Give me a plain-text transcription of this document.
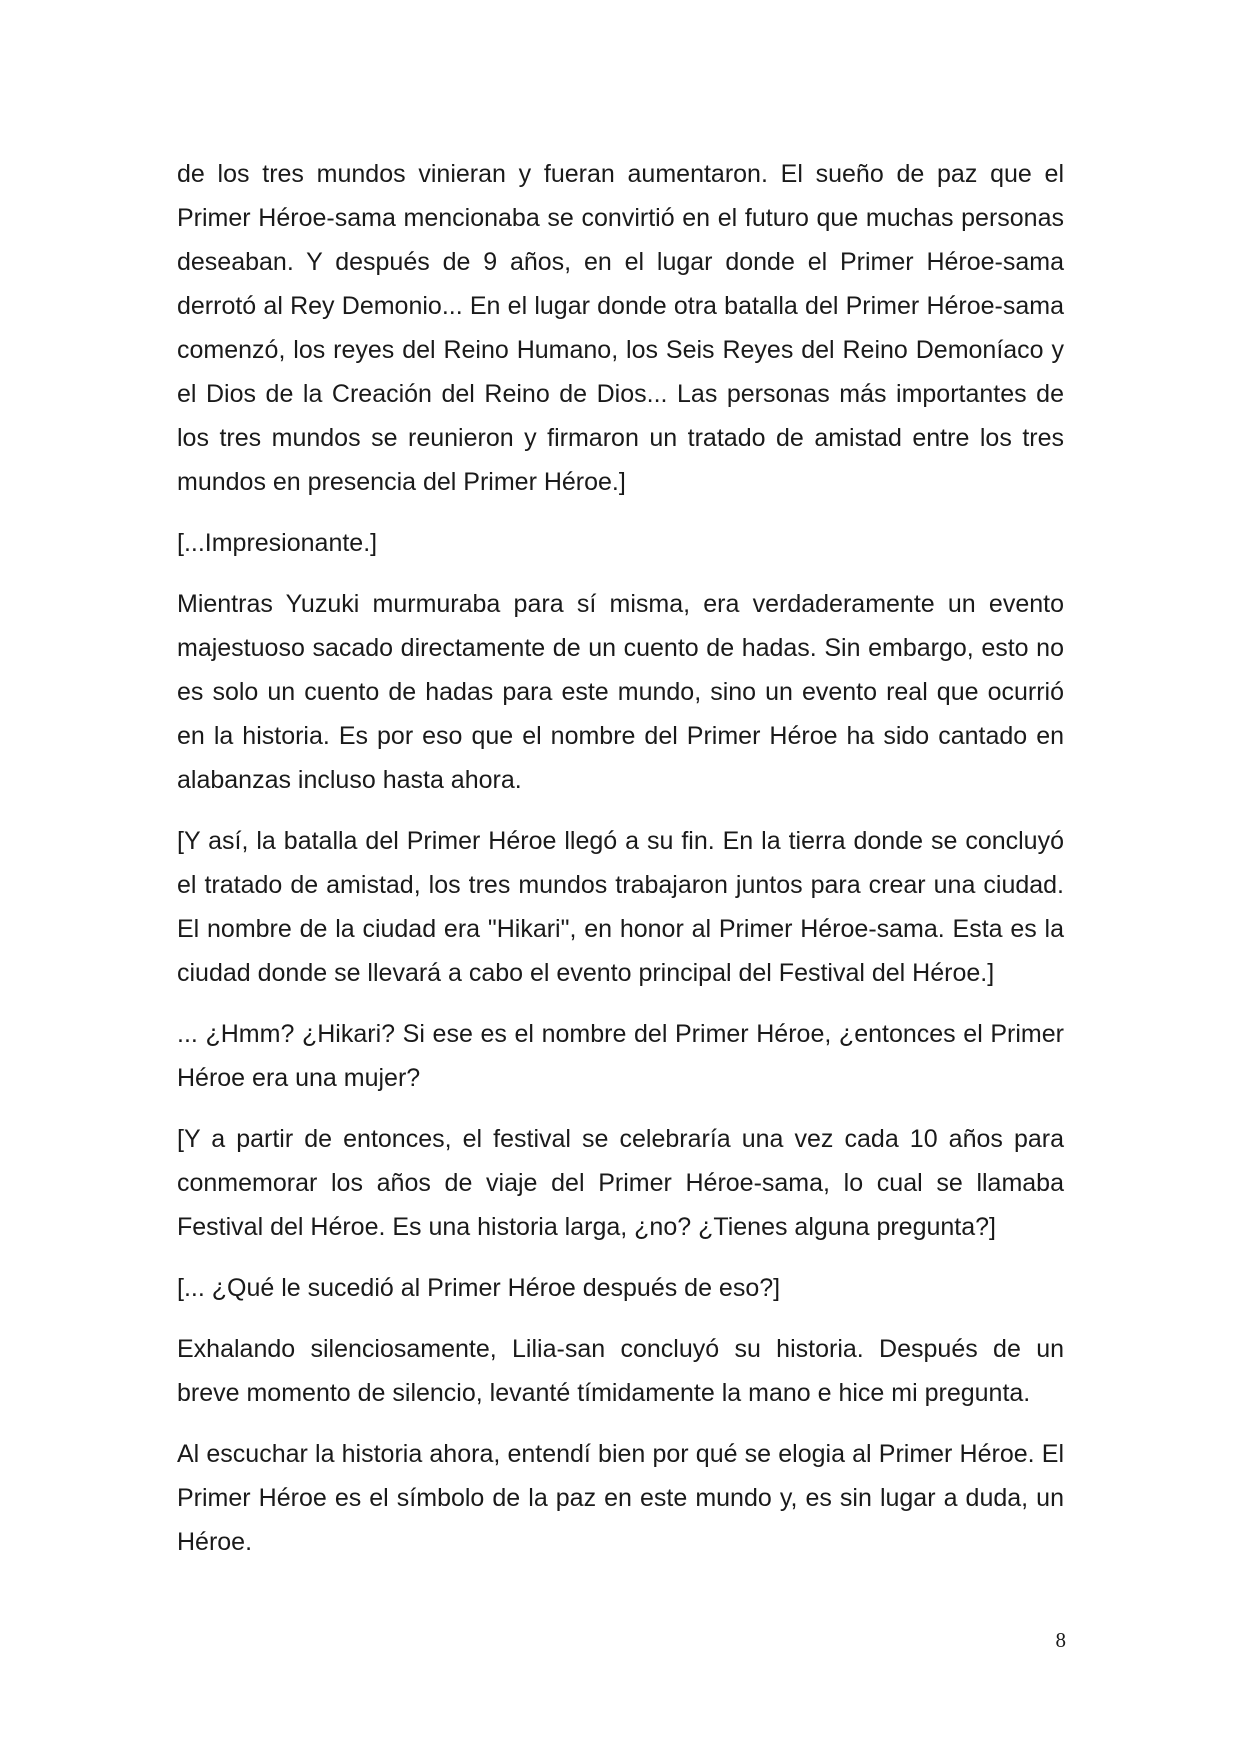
de los tres mundos vinieran y fueran aumentaron. El sueño de paz que el Primer Héroe-sama mencionaba se convirtió en el futuro que muchas personas deseaban. Y después de 9 años, en el lugar donde el Primer Héroe-sama derrotó al Rey Demonio... En el lugar donde otra batalla del Primer Héroe-sama comenzó, los reyes del Reino Humano, los Seis Reyes del Reino Demoníaco y el Dios de la Creación del Reino de Dios... Las personas más importantes de los tres mundos se reunieron y firmaron un tratado de amistad entre los tres mundos en presencia del Primer Héroe.]

[...Impresionante.]

Mientras Yuzuki murmuraba para sí misma, era verdaderamente un evento majestuoso sacado directamente de un cuento de hadas. Sin embargo, esto no es solo un cuento de hadas para este mundo, sino un evento real que ocurrió en la historia. Es por eso que el nombre del Primer Héroe ha sido cantado en alabanzas incluso hasta ahora.

[Y así, la batalla del Primer Héroe llegó a su fin. En la tierra donde se concluyó el tratado de amistad, los tres mundos trabajaron juntos para crear una ciudad. El nombre de la ciudad era "Hikari", en honor al Primer Héroe-sama. Esta es la ciudad donde se llevará a cabo el evento principal del Festival del Héroe.]

... ¿Hmm? ¿Hikari? Si ese es el nombre del Primer Héroe, ¿entonces el Primer Héroe era una mujer?

[Y a partir de entonces, el festival se celebraría una vez cada 10 años para conmemorar los años de viaje del Primer Héroe-sama, lo cual se llamaba Festival del Héroe. Es una historia larga, ¿no? ¿Tienes alguna pregunta?]

[... ¿Qué le sucedió al Primer Héroe después de eso?]

Exhalando silenciosamente, Lilia-san concluyó su historia. Después de un breve momento de silencio, levanté tímidamente la mano e hice mi pregunta.

Al escuchar la historia ahora, entendí bien por qué se elogia al Primer Héroe. El Primer Héroe es el símbolo de la paz en este mundo y, es sin lugar a duda, un Héroe.

8
